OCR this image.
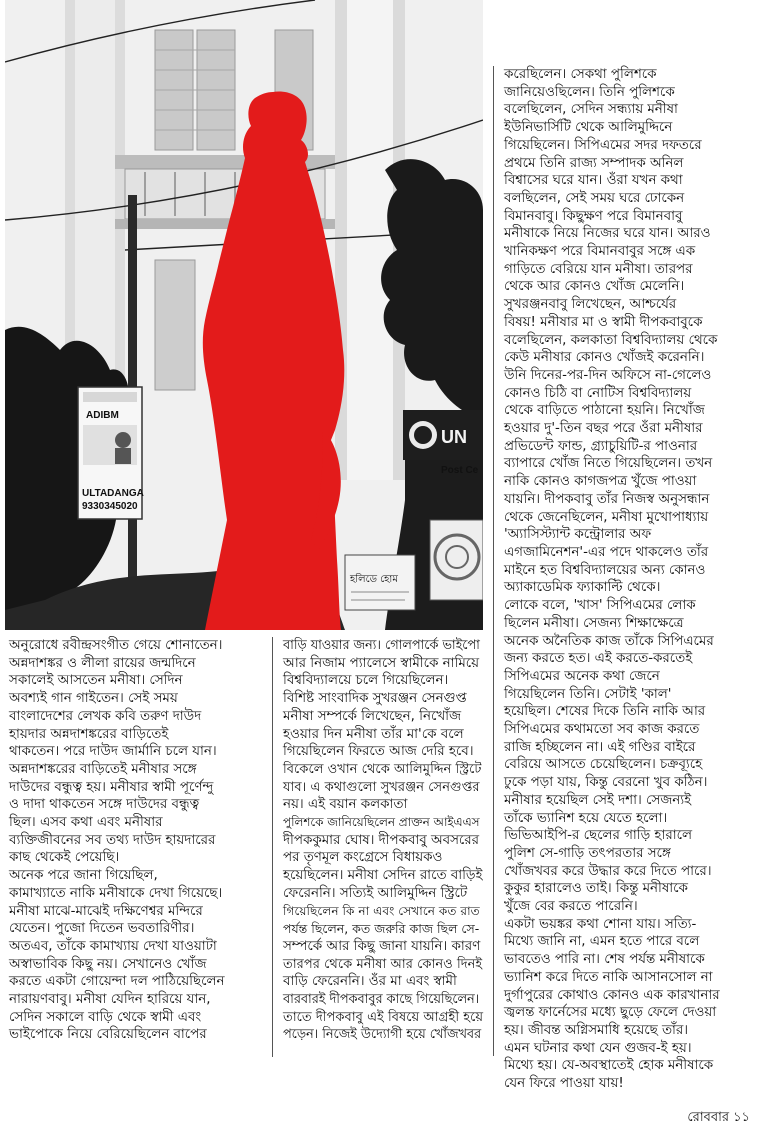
ADIBM
ULTADANGA
9330345020
UN
Post Ce
হলিডে হোম
অনুরোধে রবীন্দ্রসংগীত গেয়ে শোনাতেন।
অন্নদাশঙ্কর ও লীলা রায়ের জন্মদিনে
সকালেই আসতেন মনীষা। সেদিন
অবশ্যই গান গাইতেন। সেই সময়
বাংলাদেশের লেখক কবি তরুণ দাউদ
হায়দার অন্নদাশঙ্করের বাড়িতেই
থাকতেন। পরে দাউদ জার্মানি চলে যান।
অন্নদাশঙ্করের বাড়িতেই মনীষার সঙ্গে
দাউদের বন্ধুত্ব হয়। মনীষার স্বামী পূর্ণেন্দু
ও দাদা থাকতেন সঙ্গে দাউদের বন্ধুত্ব
ছিল। এসব কথা এবং মনীষার
ব্যক্তিজীবনের সব তথ্য দাউদ হায়দারের
কাছ থেকেই পেয়েছি।
অনেক পরে জানা গিয়েছিল,
কামাখ্যাতে নাকি মনীষাকে দেখা গিয়েছে।
মনীষা মাঝে-মাঝেই দক্ষিণেশ্বর মন্দিরে
যেতেন। পুজো দিতেন ভবতারিণীর।
অতএব, তাঁকে কামাখ্যায় দেখা যাওয়াটা
অস্বাভাবিক কিছু নয়। সেখানেও খোঁজ
করতে একটা গোয়েন্দা দল পাঠিয়েছিলেন
নারায়ণবাবু। মনীষা যেদিন হারিয়ে যান,
সেদিন সকালে বাড়ি থেকে স্বামী এবং
ভাইপোকে নিয়ে বেরিয়েছিলেন বাপের
বাড়ি যাওয়ার জন্য। গোলপার্কে ভাইপো
আর নিজাম প্যালেসে স্বামীকে নামিয়ে
বিশ্ববিদ্যালয়ে চলে গিয়েছিলেন।
বিশিষ্ট সাংবাদিক সুখরঞ্জন সেনগুপ্ত
মনীষা সম্পর্কে লিখেছেন, নিখোঁজ
হওয়ার দিন মনীষা তাঁর মা'কে বলে
গিয়েছিলেন ফিরতে আজ দেরি হবে।
বিকেলে ওখান থেকে আলিমুদ্দিন স্ট্রিটে
যাব। এ কথাগুলো সুখরঞ্জন সেনগুপ্তর
নয়। এই বয়ান কলকাতা
পুলিশকে জানিয়েছিলেন প্রাক্তন আইএএস
দীপককুমার ঘোষ। দীপকবাবু অবসরের
পর তৃণমূল কংগ্রেসে বিধায়কও
হয়েছিলেন। মনীষা সেদিন রাতে বাড়িই
ফেরেননি। সত্যিই আলিমুদ্দিন স্ট্রিটে
গিয়েছিলেন কি না এবং সেখানে কত রাত
পর্যন্ত ছিলেন, কত জরুরি কাজ ছিল সে-
সম্পর্কে আর কিছু জানা যায়নি। কারণ
তারপর থেকে মনীষা আর কোনও দিনই
বাড়ি ফেরেননি। ওঁর মা এবং স্বামী
বারবারই দীপকবাবুর কাছে গিয়েছিলেন।
তাতে দীপকবাবু এই বিষয়ে আগ্রহী হয়ে
পড়েন। নিজেই উদ্যোগী হয়ে খোঁজখবর
করেছিলেন। সেকথা পুলিশকে
জানিয়েওছিলেন। তিনি পুলিশকে
বলেছিলেন, সেদিন সন্ধ্যায় মনীষা
ইউনিভার্সিটি থেকে আলিমুদ্দিনে
গিয়েছিলেন। সিপিএমের সদর দফতরে
প্রথমে তিনি রাজ্য সম্পাদক অনিল
বিশ্বাসের ঘরে যান। ওঁরা যখন কথা
বলছিলেন, সেই সময় ঘরে ঢোকেন
বিমানবাবু। কিছুক্ষণ পরে বিমানবাবু
মনীষাকে নিয়ে নিজের ঘরে যান। আরও
খানিকক্ষণ পরে বিমানবাবুর সঙ্গে এক
গাড়িতে বেরিয়ে যান মনীষা। তারপর
থেকে আর কোনও খোঁজ মেলেনি।
সুখরঞ্জনবাবু লিখেছেন, আশ্চর্যের
বিষয়! মনীষার মা ও স্বামী দীপকবাবুকে
বলেছিলেন, কলকাতা বিশ্ববিদ্যালয় থেকে
কেউ মনীষার কোনও খোঁজই করেননি।
উনি দিনের-পর-দিন অফিসে না-গেলেও
কোনও চিঠি বা নোটিস বিশ্ববিদ্যালয়
থেকে বাড়িতে পাঠানো হয়নি। নিখোঁজ
হওয়ার দু'-তিন বছর পরে ওঁরা মনীষার
প্রভিডেন্ট ফান্ড, গ্র্যাচুয়িটি-র পাওনার
ব্যাপারে খোঁজ নিতে গিয়েছিলেন। তখন
নাকি কোনও কাগজপত্র খুঁজে পাওয়া
যায়নি। দীপকবাবু তাঁর নিজস্ব অনুসন্ধান
থেকে জেনেছিলেন, মনীষা মুখোপাধ্যায়
'অ্যাসিস্ট্যান্ট কন্ট্রোলার অফ
এগজামিনেশন'-এর পদে থাকলেও তাঁর
মাইনে হত বিশ্ববিদ্যালয়ের অন্য কোনও
অ্যাকাডেমিক ফ্যাকাল্টি থেকে।
লোকে বলে, 'খাস' সিপিএমের লোক
ছিলেন মনীষা। সেজন্য শিক্ষাক্ষেত্রে
অনেক অনৈতিক কাজ তাঁকে সিপিএমের
জন্য করতে হত। এই করতে-করতেই
সিপিএমের অনেক কথা জেনে
গিয়েছিলেন তিনি। সেটাই 'কাল'
হয়েছিল। শেষের দিকে তিনি নাকি আর
সিপিএমের কথামতো সব কাজ করতে
রাজি হচ্ছিলেন না। এই গণ্ডির বাইরে
বেরিয়ে আসতে চেয়েছিলেন। চক্রব্যূহে
ঢুকে পড়া যায়, কিন্তু বেরনো খুব কঠিন।
মনীষার হয়েছিল সেই দশা। সেজন্যই
তাঁকে ভ্যানিশ হয়ে যেতে হলো।
ভিভিআইপি-র ছেলের গাড়ি হারালে
পুলিশ সে-গাড়ি তৎপরতার সঙ্গে
খোঁজখবর করে উদ্ধার করে দিতে পারে।
কুকুর হারালেও তাই। কিন্তু মনীষাকে
খুঁজে বের করতে পারেনি।
একটা ভয়ঙ্কর কথা শোনা যায়। সত্যি-
মিথ্যে জানি না, এমন হতে পারে বলে
ভাবতেও পারি না। শেষ পর্যন্ত মনীষাকে
ভ্যানিশ করে দিতে নাকি আসানসোল না
দুর্গাপুরের কোথাও কোনও এক কারখানার
জ্বলন্ত ফার্নেসের মধ্যে ছুড়ে ফেলে দেওয়া
হয়। জীবন্ত অগ্নিসমাধি হয়েছে তাঁর।
এমন ঘটনার কথা যেন গুজব-ই হয়।
মিথ্যে হয়। যে-অবস্থাতেই হোক মনীষাকে
যেন ফিরে পাওয়া যায়!
রোববার ১১
